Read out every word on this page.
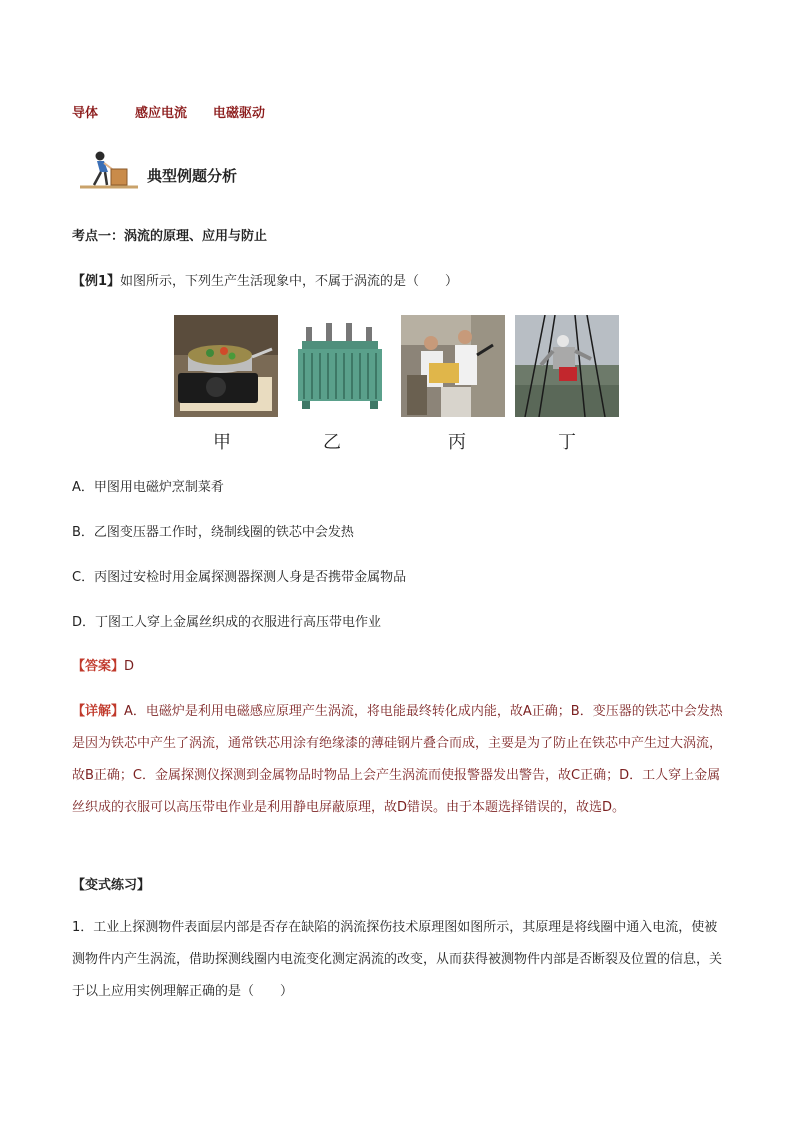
导体	感应电流 电磁驱动
典型例题分析
考点一：涡流的原理、应用与防止
【例1】如图所示，下列生产生活现象中，不属于涡流的是（　　）
甲	乙	丙	丁
A．甲图用电磁炉烹制菜肴
B．乙图变压器工作时，绕制线圈的铁芯中会发热
C．丙图过安检时用金属探测器探测人身是否携带金属物品
D．丁图工人穿上金属丝织成的衣服进行高压带电作业
【答案】D
【详解】A．电磁炉是利用电磁感应原理产生涡流，将电能最终转化成内能，故A正确；B．变压器的铁芯中会发热是因为铁芯中产生了涡流，通常铁芯用涂有绝缘漆的薄硅钢片叠合而成，主要是为了防止在铁芯中产生过大涡流，故B正确；C．金属探测仪探测到金属物品时物品上会产生涡流而使报警器发出警告，故C正确；D．工人穿上金属丝织成的衣服可以高压带电作业是利用静电屏蔽原理，故D错误。由于本题选择错误的，故选D。
【变式练习】
1．工业上探测物件表面层内部是否存在缺陷的涡流探伤技术原理图如图所示，其原理是将线圈中通入电流，使被测物件内产生涡流，借助探测线圈内电流变化测定涡流的改变，从而获得被测物件内部是否断裂及位置的信息，关于以上应用实例理解正确的是（　　）
